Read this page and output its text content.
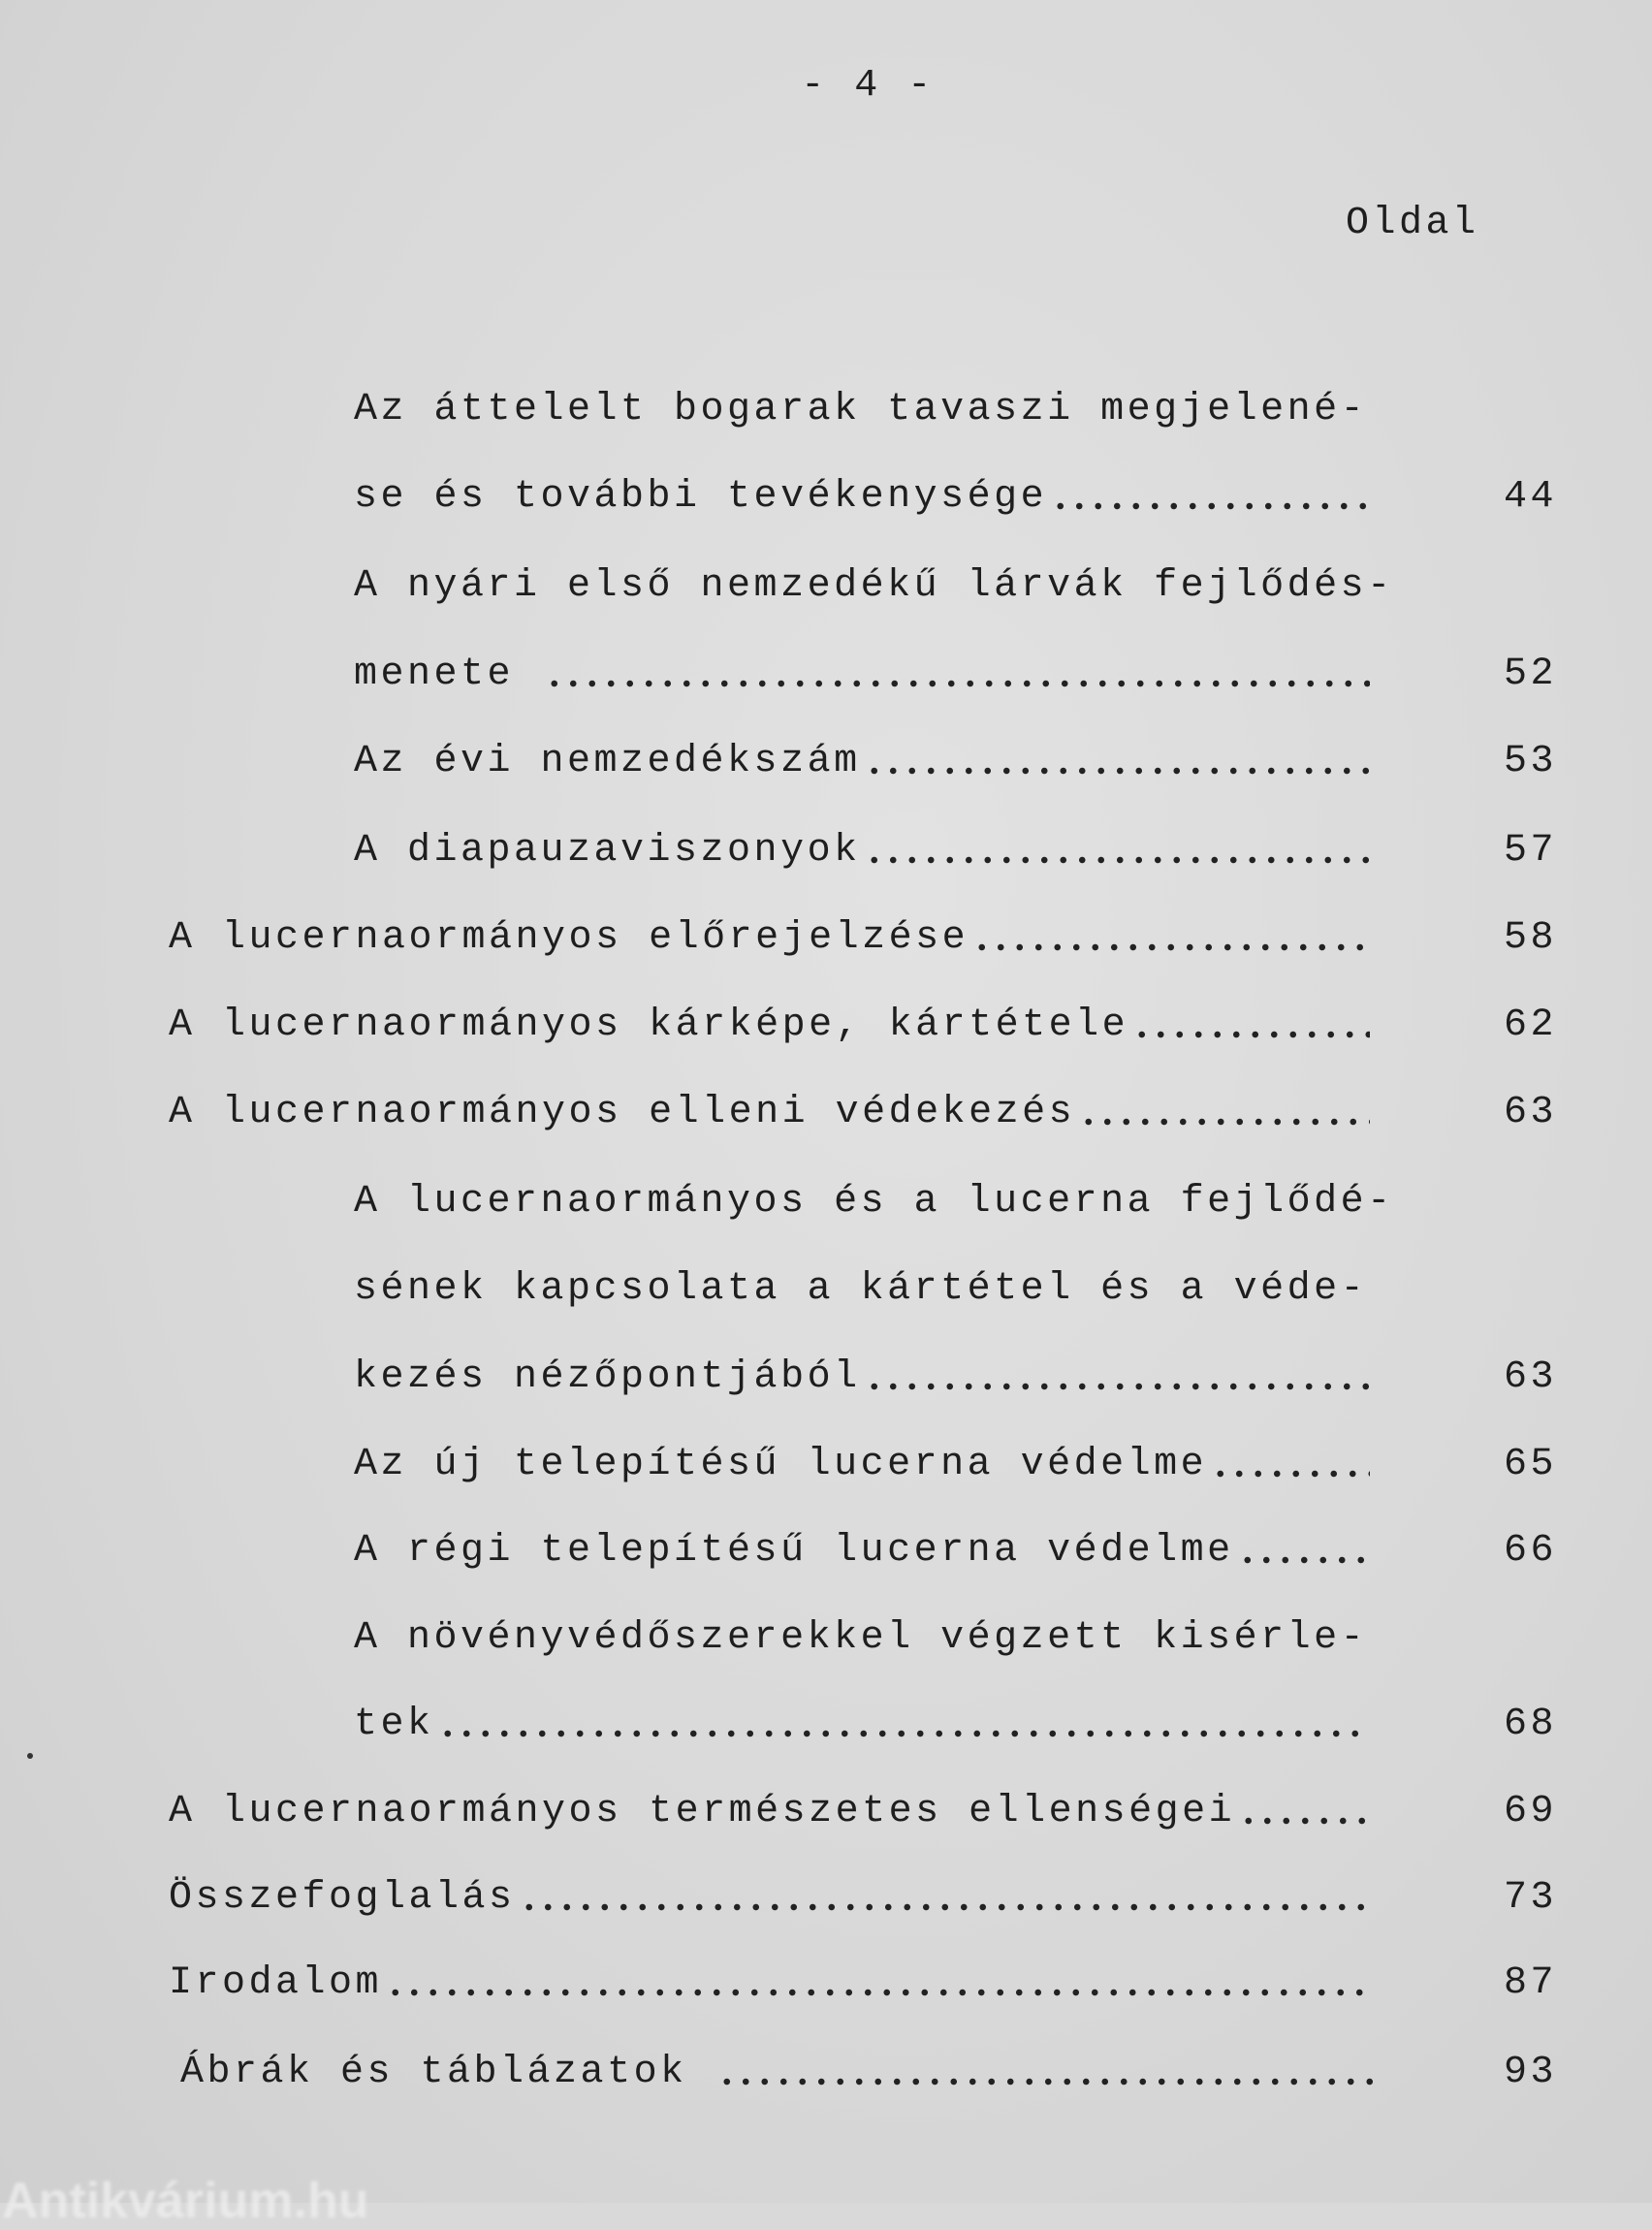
- 4 -
Oldal
Az áttelelt bogarak tavaszi megjelené-
se és további tevékenysége	44
A nyári első nemzedékű lárvák fejlődés-
menete	52
Az évi nemzedékszám	53
A diapauzaviszonyok	57
A lucernaormányos előrejelzése	58
A lucernaormányos kárképe, kártétele	62
A lucernaormányos elleni védekezés	63
A lucernaormányos és a lucerna fejlődé-
sének kapcsolata a kártétel és a véde-
kezés nézőpontjából	63
Az új telepítésű lucerna védelme	65
A régi telepítésű lucerna védelme	66
A növényvédőszerekkel végzett kisérle-
tek	68
A lucernaormányos természetes ellenségei	69
Összefoglalás	73
Irodalom	87
Ábrák és táblázatok	93
Antikvárium.hu
